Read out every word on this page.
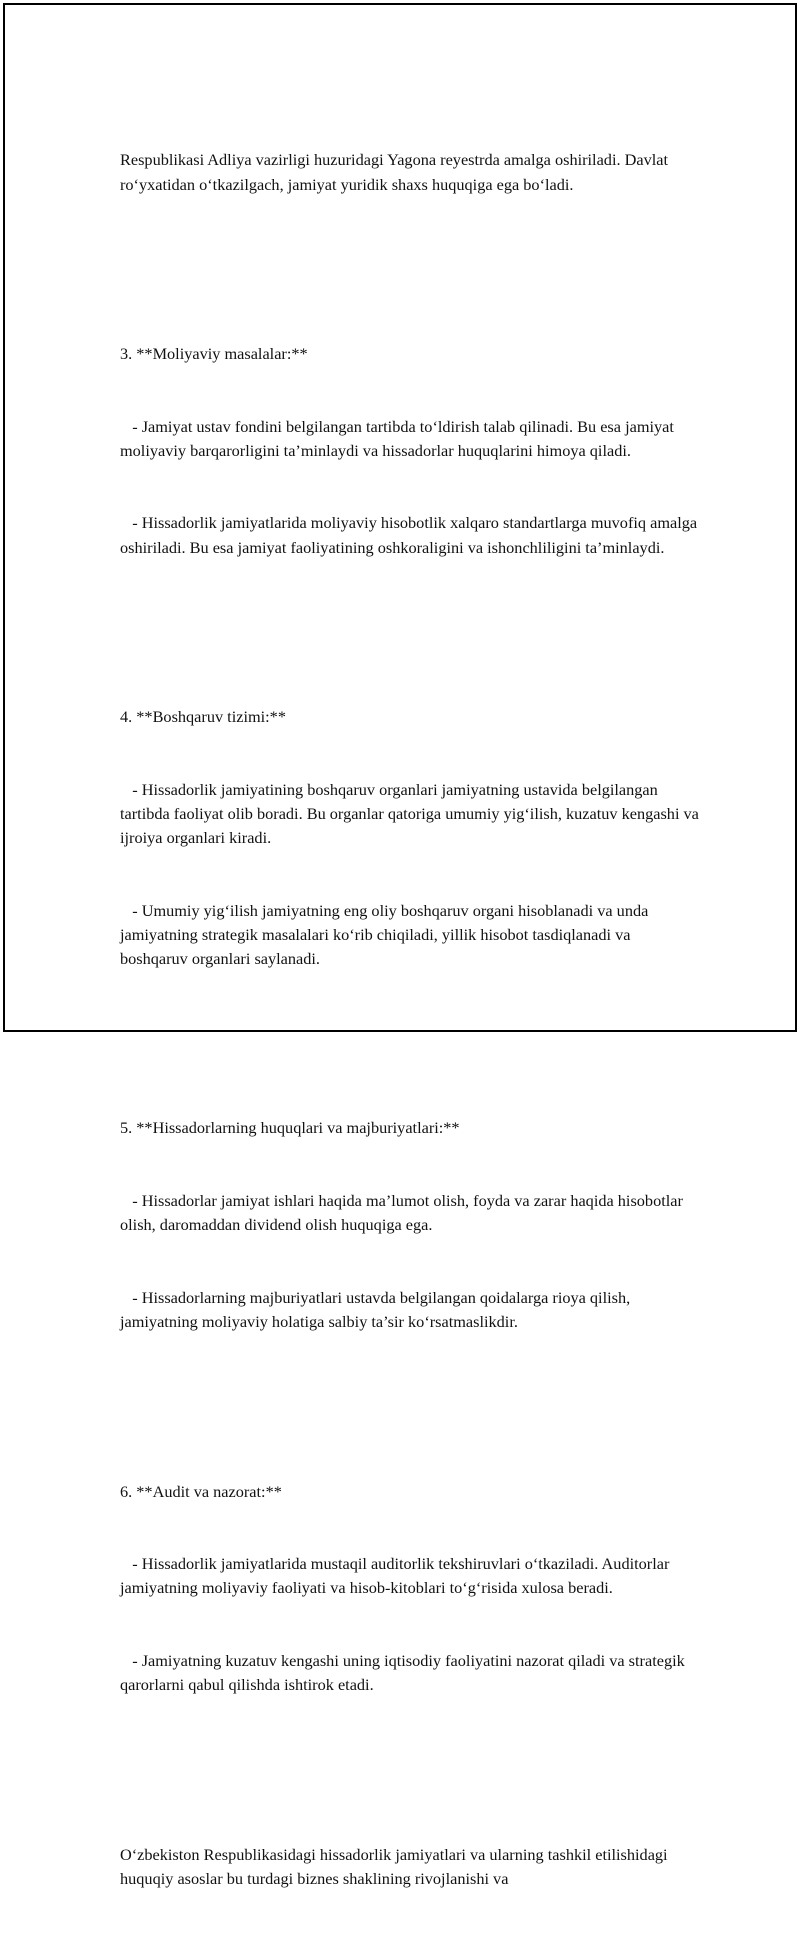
Respublikasi Adliya vazirligi huzuridagi Yagona reyestrda amalga oshiriladi. Davlat ro‘yxatidan o‘tkazilgach, jamiyat yuridik shaxs huquqiga ega bo‘ladi.

3. **Moliyaviy masalalar:**

- Jamiyat ustav fondini belgilangan tartibda to‘ldirish talab qilinadi. Bu esa jamiyat moliyaviy barqarorligini ta’minlaydi va hissadorlar huquqlarini himoya qiladi.

- Hissadorlik jamiyatlarida moliyaviy hisobotlik xalqaro standartlarga muvofiq amalga oshiriladi. Bu esa jamiyat faoliyatining oshkoraligini va ishonchliligini ta’minlaydi.

4. **Boshqaruv tizimi:**

- Hissadorlik jamiyatining boshqaruv organlari jamiyatning ustavida belgilangan tartibda faoliyat olib boradi. Bu organlar qatoriga umumiy yig‘ilish, kuzatuv kengashi va ijroiya organlari kiradi.

- Umumiy yig‘ilish jamiyatning eng oliy boshqaruv organi hisoblanadi va unda jamiyatning strategik masalalari ko‘rib chiqiladi, yillik hisobot tasdiqlanadi va boshqaruv organlari saylanadi.

5. **Hissadorlarning huquqlari va majburiyatlari:**

- Hissadorlar jamiyat ishlari haqida ma’lumot olish, foyda va zarar haqida hisobotlar olish, daromaddan dividend olish huquqiga ega.

- Hissadorlarning majburiyatlari ustavda belgilangan qoidalarga rioya qilish, jamiyatning moliyaviy holatiga salbiy ta’sir ko‘rsatmaslikdir.

6. **Audit va nazorat:**

- Hissadorlik jamiyatlarida mustaqil auditorlik tekshiruvlari o‘tkaziladi. Auditorlar jamiyatning moliyaviy faoliyati va hisob-kitoblari to‘g‘risida xulosa beradi.

- Jamiyatning kuzatuv kengashi uning iqtisodiy faoliyatini nazorat qiladi va strategik qarorlarni qabul qilishda ishtirok etadi.

O‘zbekiston Respublikasidagi hissadorlik jamiyatlari va ularning tashkil etilishidagi huquqiy asoslar bu turdagi biznes shaklining rivojlanishi va
